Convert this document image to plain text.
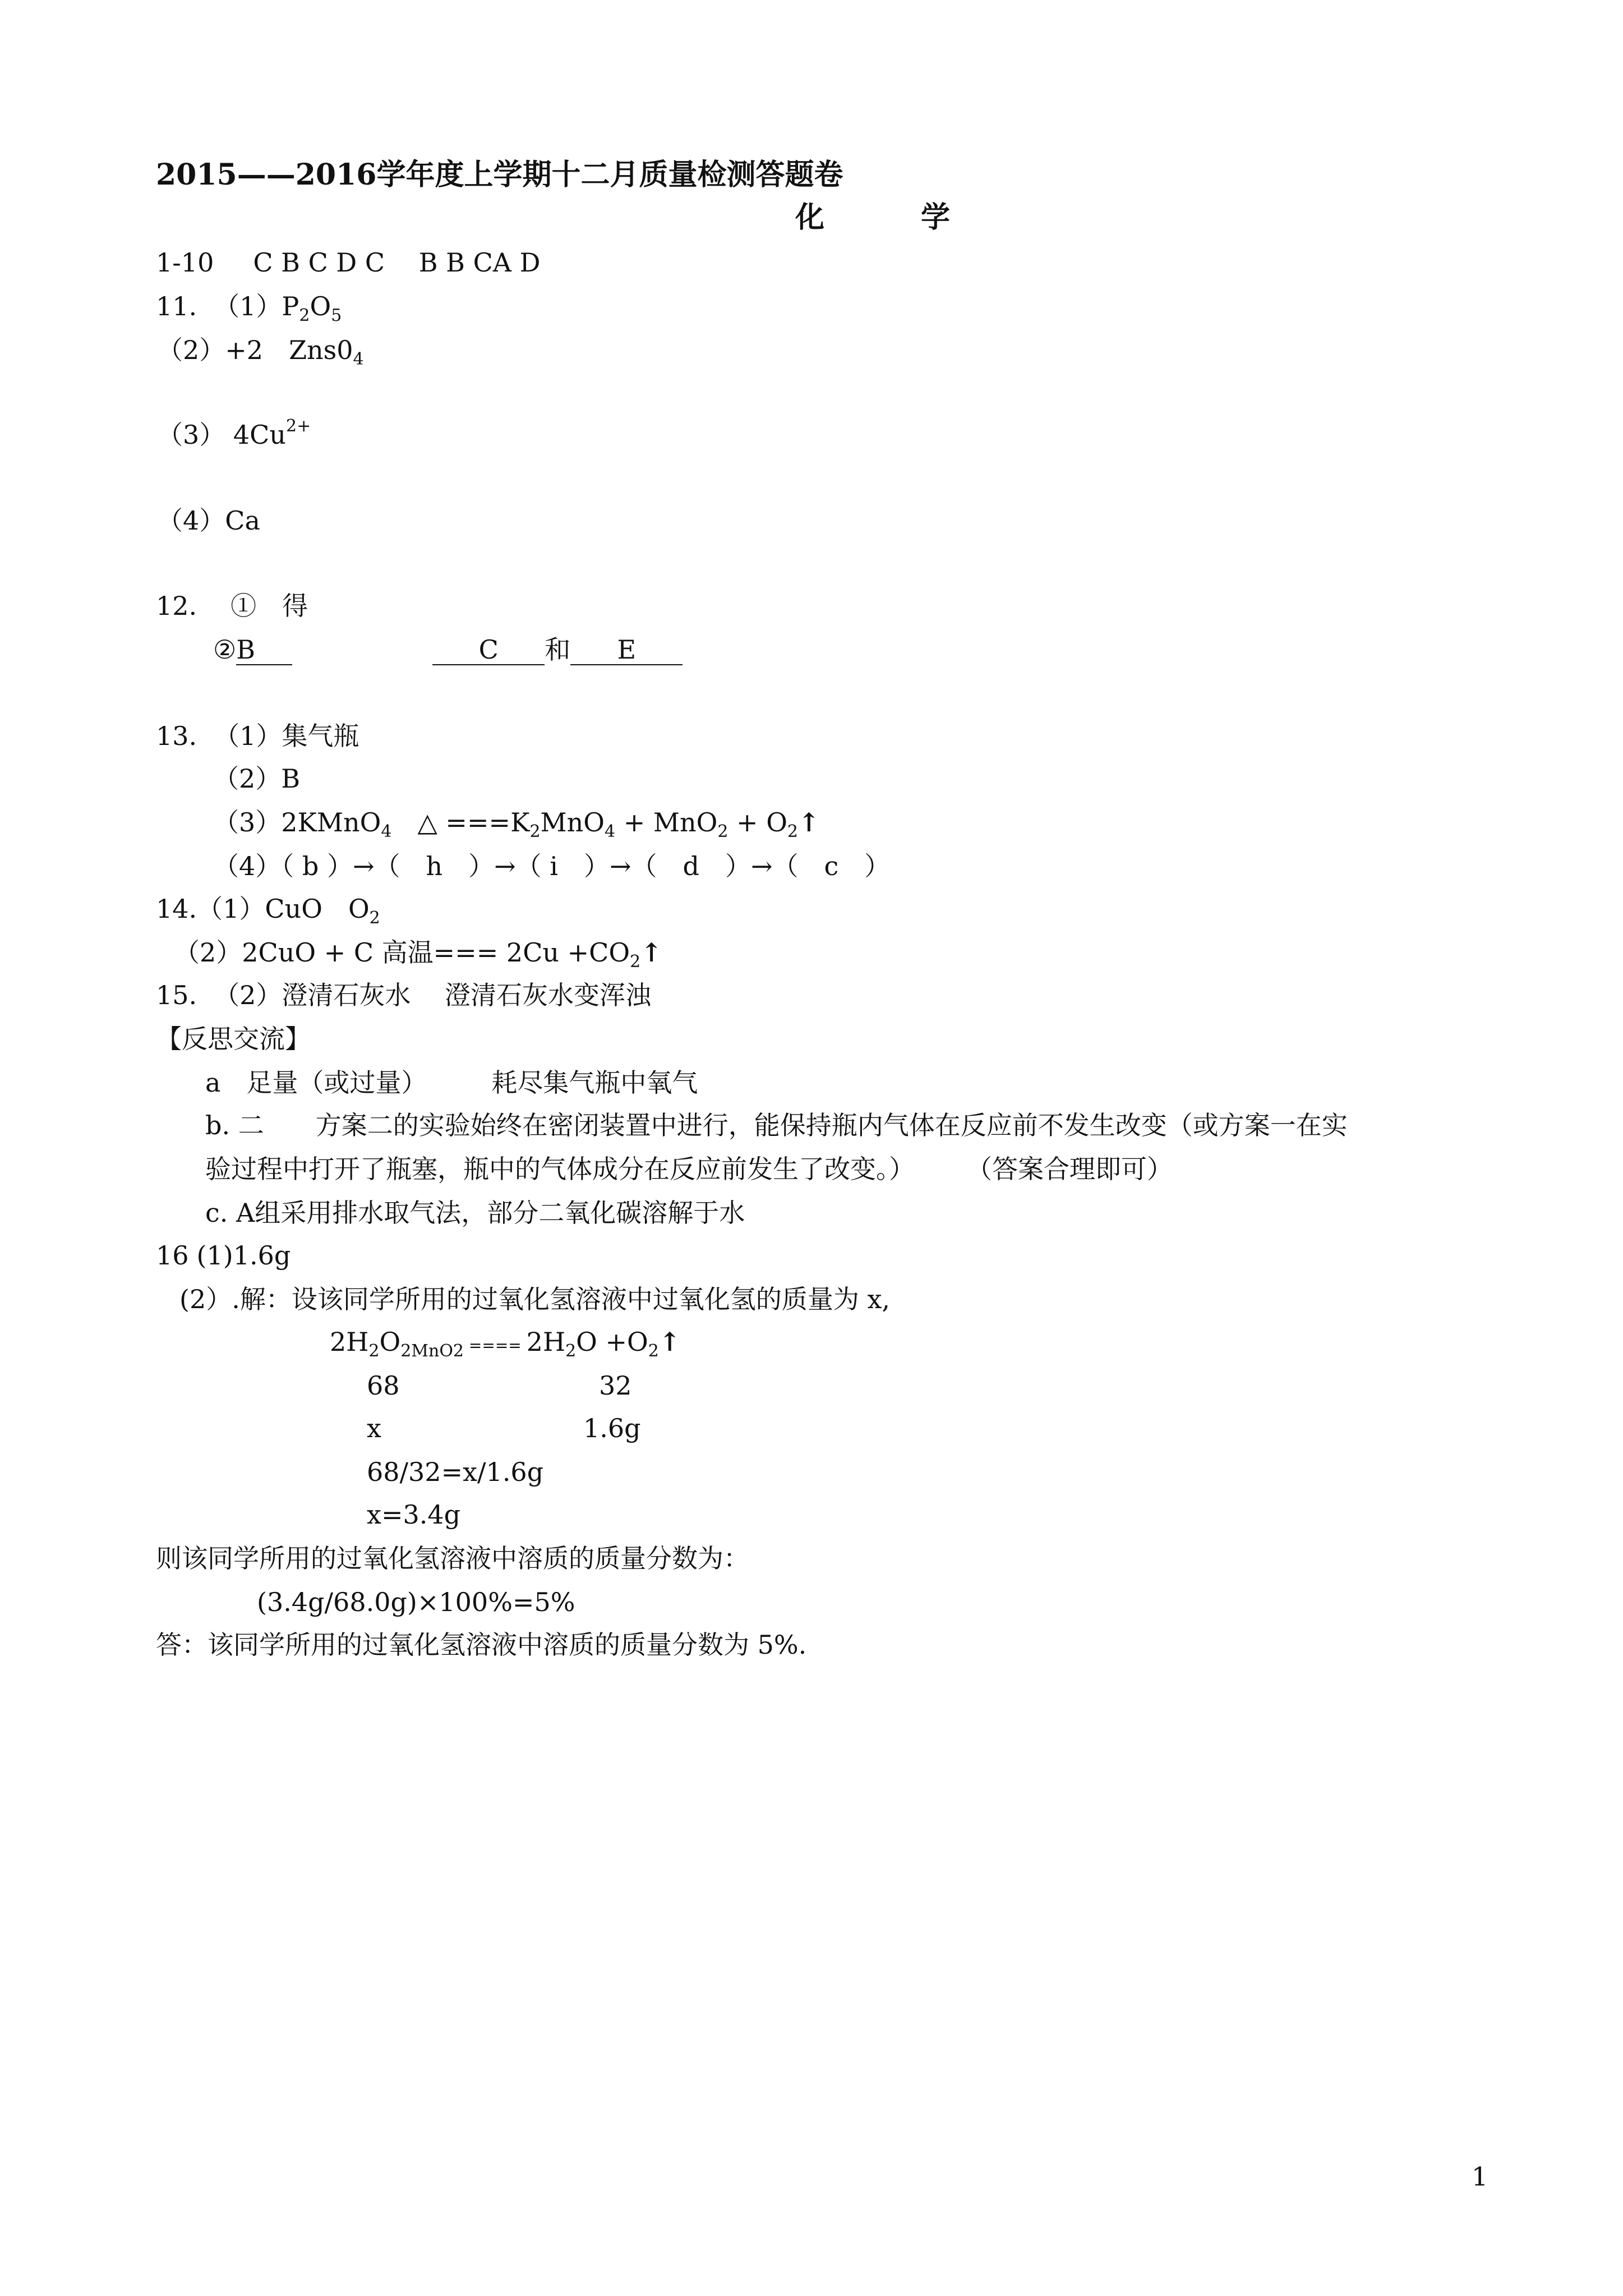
2015——2016学年度上学期十二月质量检测答题卷
化　学
1-10 C B C D C　 B B CA D
11. $(1)P_2O_5$
（2）+2　$Zns0_4$
（3） $4Cu^{2+}$
（4）Ca
12. ①　得
②B	C 和 E
13. （1）集气瓶
（2）B
（3）2KMnO$_4$　△ $===K_2MnO_4 + MnO_2$ + $O_2↑$
（4）（ b ）→（　h　）→（ i　）→（　d　）→（　c　）
14.（1）CuO　$O_2$
（2）2CuO + C 高温=== $2Cu +CO_2↑$
15. （2）澄清石灰水　 澄清石灰水变浑浊
【反思交流】
a　足量（或过量）　　　耗尽集气瓶中氧气
b. 二　　方案二的实验始终在密闭装置中进行，能保持瓶内气体在反应前不发生改变（或方案一在实
验过程中打开了瓶塞，瓶中的气体成分在反应前发生了改变。）　　　（答案合理即可）
c. A组采用排水取气法，部分二氧化碳溶解于水
16 (1)1.6g
(2）.解：设该同学所用的过氧化氢溶液中过氧化氢的质量为 x,
$2H_2O_{2MnO2}$ ==== $2H_2O$ $+O_2↑$
68	32
x	1.6g
68/32=x/1.6g
x=3.4g
则该同学所用的过氧化氢溶液中溶质的质量分数为：
(3.4g/68.0g)×100%=5%
答：该同学所用的过氧化氢溶液中溶质的质量分数为 5%.
1
